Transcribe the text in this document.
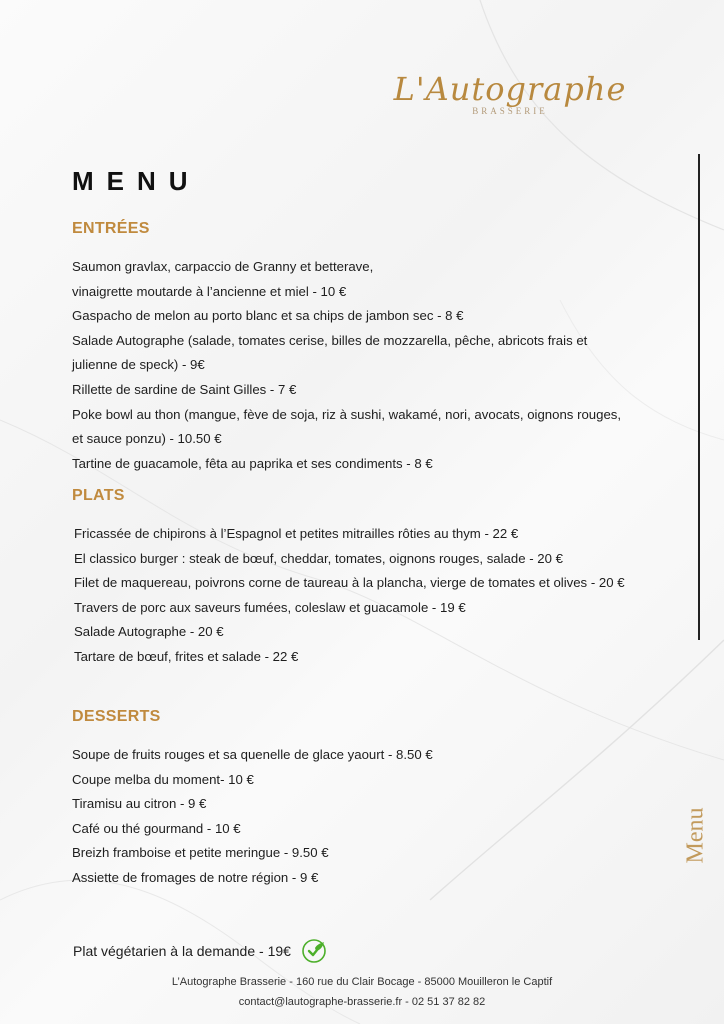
L'Autographe
BRASSERIE
Menu
MENU
ENTRÉES
Saumon gravlax, carpaccio de Granny et betterave,
vinaigrette moutarde à l’ancienne et miel - 10 €
Gaspacho de melon au porto blanc et sa chips de jambon sec - 8 €
Salade Autographe (salade, tomates cerise, billes de mozzarella, pêche, abricots frais et
julienne de speck) - 9€
Rillette de sardine de Saint Gilles - 7 €
Poke bowl au thon (mangue, fève de soja, riz à sushi, wakamé, nori, avocats, oignons rouges,
et sauce ponzu) - 10.50 €
Tartine de guacamole, fêta au paprika et ses condiments - 8 €
PLATS
Fricassée de chipirons à l’Espagnol et petites mitrailles rôties au thym - 22 €
El classico burger : steak de bœuf, cheddar, tomates, oignons rouges, salade - 20 €
Filet de maquereau, poivrons corne de taureau à la plancha, vierge de tomates et olives - 20 €
Travers de porc aux saveurs fumées, coleslaw et guacamole - 19 €
Salade Autographe - 20 €
Tartare de bœuf, frites et salade - 22 €
DESSERTS
Soupe de fruits rouges et sa quenelle de glace yaourt - 8.50 €
Coupe melba du moment- 10 €
Tiramisu au citron - 9 €
Café ou thé gourmand - 10 €
Breizh framboise et petite meringue - 9.50 €
Assiette de fromages de notre région - 9 €
Plat végétarien à la demande - 19€
L’Autographe Brasserie - 160 rue du Clair Bocage - 85000 Mouilleron le Captif
contact@lautographe-brasserie.fr - 02 51 37 82 82
